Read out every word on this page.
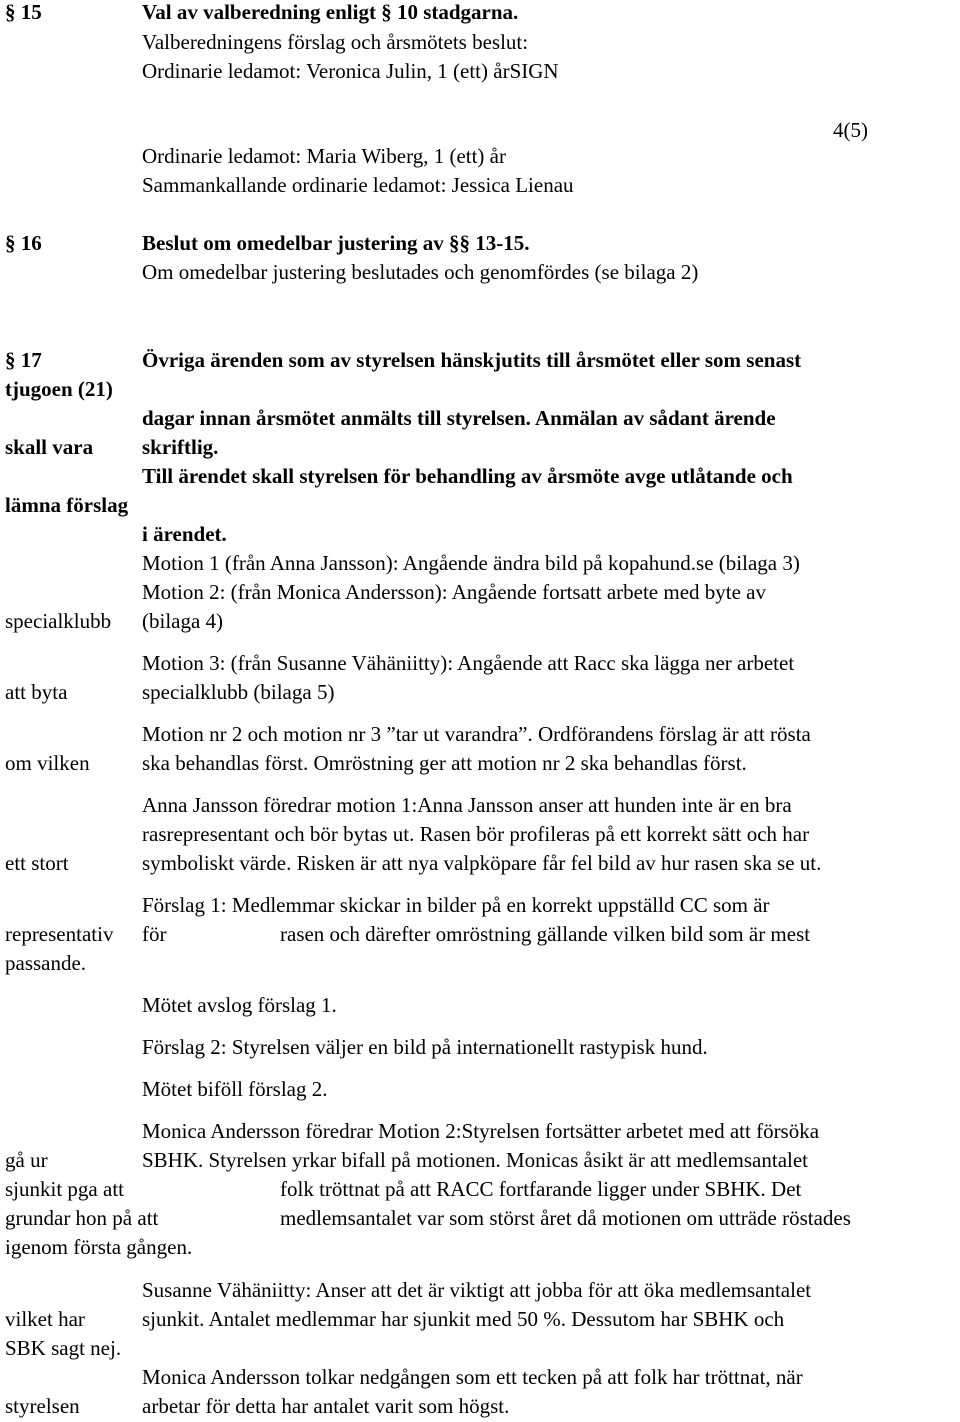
4(5)
§ 15	Val av valberedning enligt § 10 stadgarna.
Valberedningens förslag och årsmötets beslut:
Ordinarie ledamot: Veronica Julin, 1 (ett) årSIGN
Ordinarie ledamot: Maria Wiberg, 1 (ett) år
Sammankallande ordinarie ledamot: Jessica Lienau
§ 16	Beslut om omedelbar justering av §§ 13-15.
Om omedelbar justering beslutades och genomfördes (se bilaga 2)
§ 17	Övriga ärenden som av styrelsen hänskjutits till årsmötet eller som senast
tjugoen (21)
dagar innan årsmötet anmälts till styrelsen. Anmälan av sådant ärende
skall vara skriftlig.
Till ärendet skall styrelsen för behandling av årsmöte avge utlåtande och
lämna förslag
i ärendet.
Motion 1 (från Anna Jansson): Angående ändra bild på kopahund.se (bilaga 3)
Motion 2: (från Monica Andersson): Angående fortsatt arbete med byte av
specialklubb (bilaga 4)
Motion 3: (från Susanne Vähäniitty): Angående att Racc ska lägga ner arbetet
att byta	specialklubb (bilaga 5)
Motion nr 2 och motion nr 3 ”tar ut varandra”. Ordförandens förslag är att rösta
om vilken ska behandlas först. Omröstning ger att motion nr 2 ska behandlas först.
Anna Jansson föredrar motion 1:Anna Jansson anser att hunden inte är en bra
rasrepresentant och bör bytas ut. Rasen bör profileras på ett korrekt sätt och har
ett stort	symboliskt värde. Risken är att nya valpköpare får fel bild av hur rasen ska se ut.
Förslag 1: Medlemmar skickar in bilder på en korrekt uppställd CC som är
representativ för	rasen och därefter omröstning gällande vilken bild som är mest
passande.
Mötet avslog förslag 1.
Förslag 2: Styrelsen väljer en bild på internationellt rastypisk hund.
Mötet biföll förslag 2.
Monica Andersson föredrar Motion 2:Styrelsen fortsätter arbetet med att försöka
gå ur	SBHK. Styrelsen yrkar bifall på motionen. Monicas åsikt är att medlemsantalet
sjunkit pga att	folk tröttnat på att RACC fortfarande ligger under SBHK. Det
grundar hon på att	medlemsantalet var som störst året då motionen om utträde röstades
igenom första gången.
Susanne Vähäniitty: Anser att det är viktigt att jobba för att öka medlemsantalet
vilket har	sjunkit. Antalet medlemmar har sjunkit med 50 %. Dessutom har SBHK och
SBK sagt nej.
Monica Andersson tolkar nedgången som ett tecken på att folk har tröttnat, när
styrelsen	arbetar för detta har antalet varit som högst.
